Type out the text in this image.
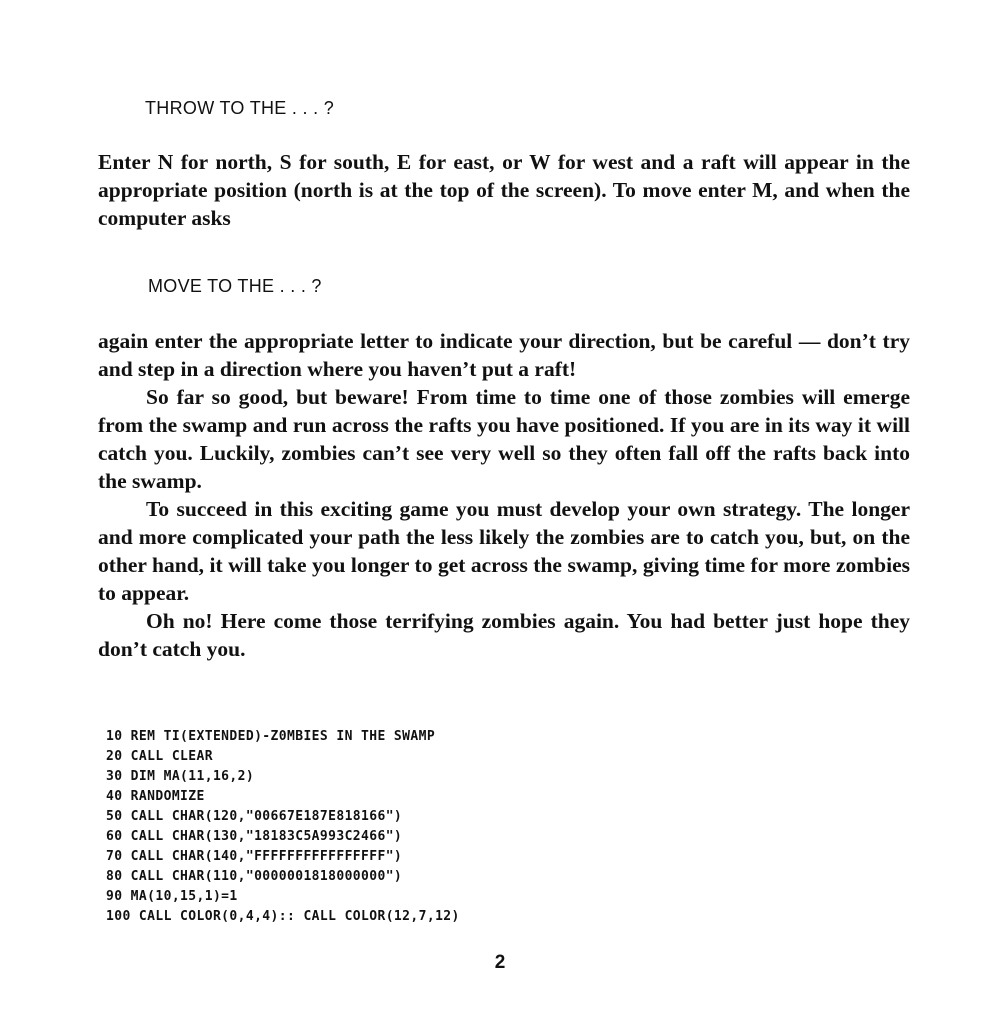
THROW TO THE . . . ?

Enter N for north, S for south, E for east, or W for west and a raft will appear in the appropriate position (north is at the top of the screen). To move enter M, and when the computer asks

MOVE TO THE . . . ?

again enter the appropriate letter to indicate your direction, but be careful — don’t try and step in a direction where you haven’t put a raft!

So far so good, but beware! From time to time one of those zombies will emerge from the swamp and run across the rafts you have positioned. If you are in its way it will catch you. Luckily, zombies can’t see very well so they often fall off the rafts back into the swamp.

To succeed in this exciting game you must develop your own strategy. The longer and more complicated your path the less likely the zombies are to catch you, but, on the other hand, it will take you longer to get across the swamp, giving time for more zombies to appear.

Oh no! Here come those terrifying zombies again. You had better just hope they don’t catch you.

10 REM TI(EXTENDED)-Z0MBIES IN THE SWAMP
20 CALL CLEAR
30 DIM MA(11,16,2)
40 RANDOMIZE
50 CALL CHAR(120,"00667E187E818166")
60 CALL CHAR(130,"18183C5A993C2466")
70 CALL CHAR(140,"FFFFFFFFFFFFFFFF")
80 CALL CHAR(110,"0000001818000000")
90 MA(10,15,1)=1
100 CALL COLOR(0,4,4):: CALL COLOR(12,7,12)
2
